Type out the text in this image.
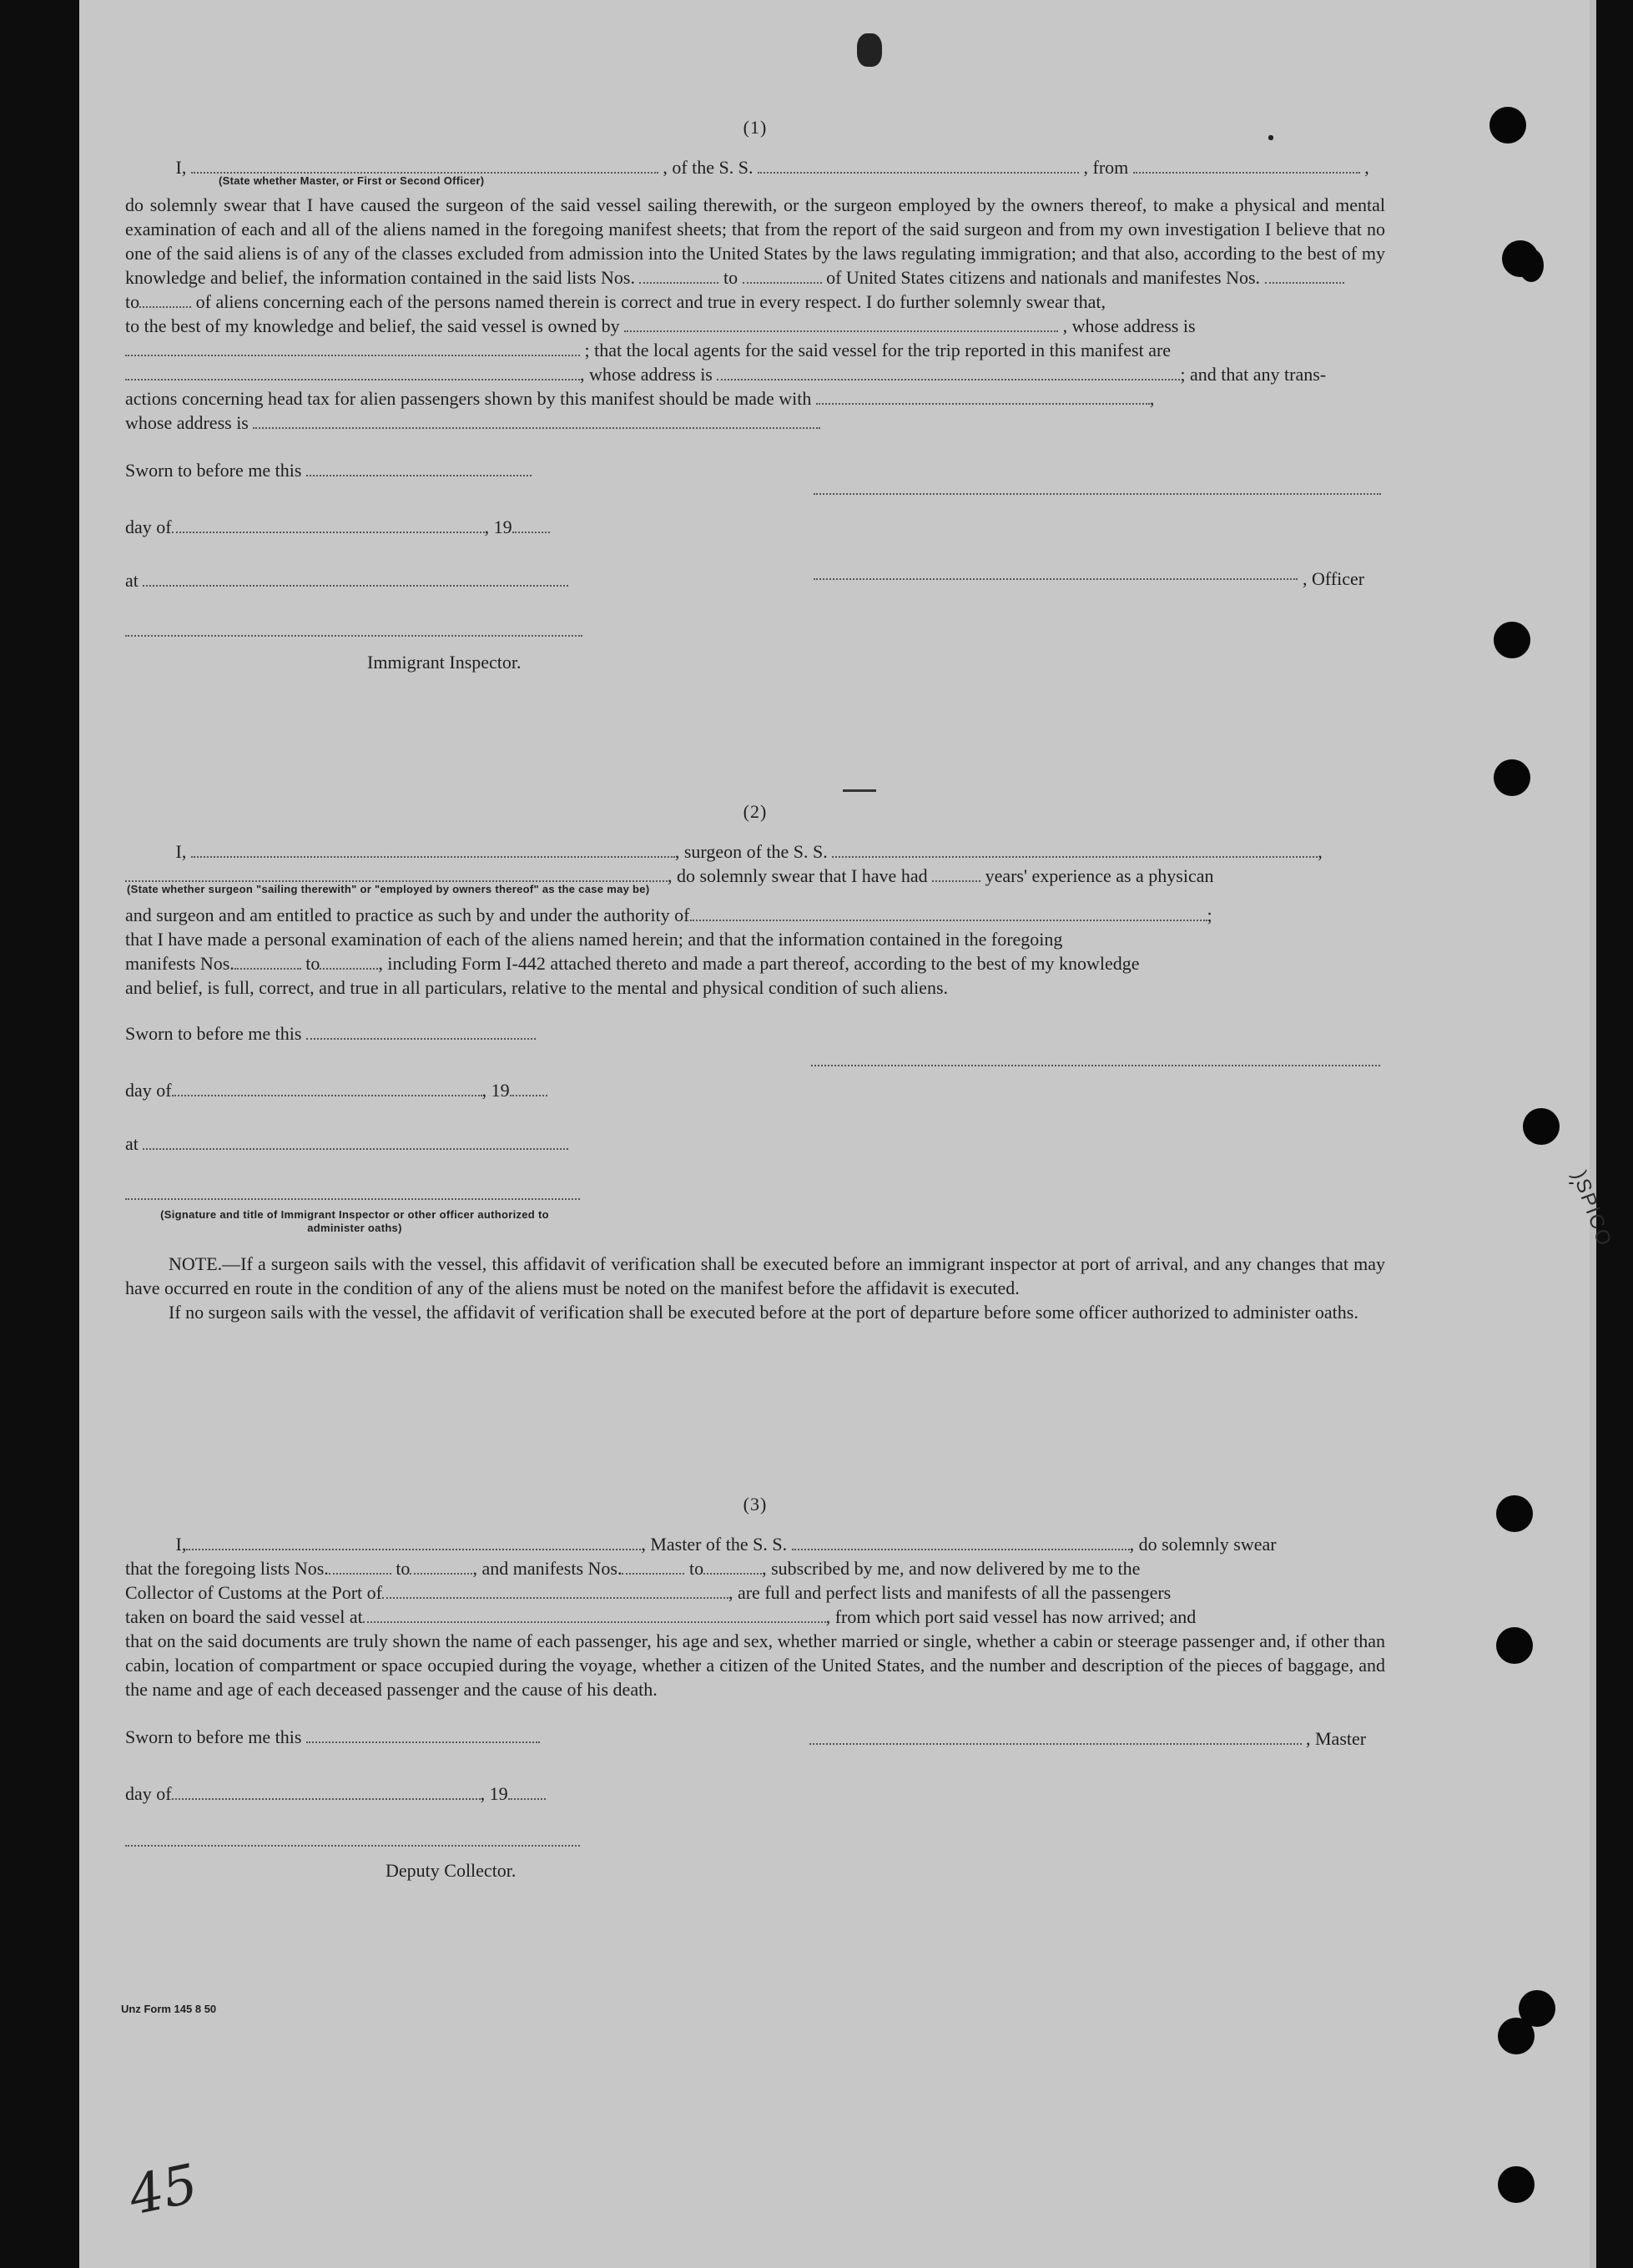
)SPICO
(1)
I,	, of the S. S.	, from	,
(State whether Master, or First or Second Officer)

do solemnly swear that I have caused the surgeon of the said vessel sailing therewith, or the surgeon employed by the owners thereof, to make a physical and mental examination of each and all of the aliens named in the foregoing manifest sheets; that from the report of the said surgeon and from my own investigation I believe that no one of the said aliens is of any of the classes excluded from admission into the United States by the laws regulating immigration; and that also, according to the best of my knowledge and belief, the information contained in the said lists Nos.	to	of United States citizens and nationals and manifestes Nos.

to	of aliens concerning each of the persons named therein is correct and true in every respect. I do further solemnly swear that,

to the best of my knowledge and belief, the said vessel is owned by	, whose address is

; that the local agents for the said vessel for the trip reported in this manifest are

, whose address is	; and that any trans-

actions concerning head tax for alien passengers shown by this manifest should be made with	,

whose address is

Sworn to before me this
day of	, 19
at
Immigrant Inspector.
, Officer
(2)
I,	, surgeon of the S. S.	,
, do solemnly swear that I have had	years' experience as a physican
(State whether surgeon "sailing therewith" or "employed by owners thereof" as the case may be)

and surgeon and am entitled to practice as such by and under the authority of	;

that I have made a personal examination of each of the aliens named herein; and that the information contained in the foregoing

manifests Nos.	to	, including Form I-442 attached thereto and made a part thereof, according to the best of my knowledge

and belief, is full, correct, and true in all particulars, relative to the mental and physical condition of such aliens.

Sworn to before me this
day of	, 19
at
(Signature and title of Immigrant Inspector or other officer authorized to administer oaths)

NOTE.—If a surgeon sails with the vessel, this affidavit of verification shall be executed before an immigrant inspector at port of arrival, and any changes that may have occurred en route in the condition of any of the aliens must be noted on the manifest before the affidavit is executed.

If no surgeon sails with the vessel, the affidavit of verification shall be executed before at the port of departure before some officer authorized to administer oaths.

(3)

I,	, Master of the S. S.	, do solemnly swear

that the foregoing lists Nos.	to	, and manifests Nos.	to	, subscribed by me, and now delivered by me to the

Collector of Customs at the Port of	, are full and perfect lists and manifests of all the passengers

taken on board the said vessel at	, from which port said vessel has now arrived; and

that on the said documents are truly shown the name of each passenger, his age and sex, whether married or single, whether a cabin or steerage passenger and, if other than cabin, location of compartment or space occupied during the voyage, whether a citizen of the United States, and the number and description of the pieces of baggage, and the name and age of each deceased passenger and the cause of his death.

Sworn to before me this	, Master
day of	, 19
Deputy Collector.
Unz Form 145 8 50
45
